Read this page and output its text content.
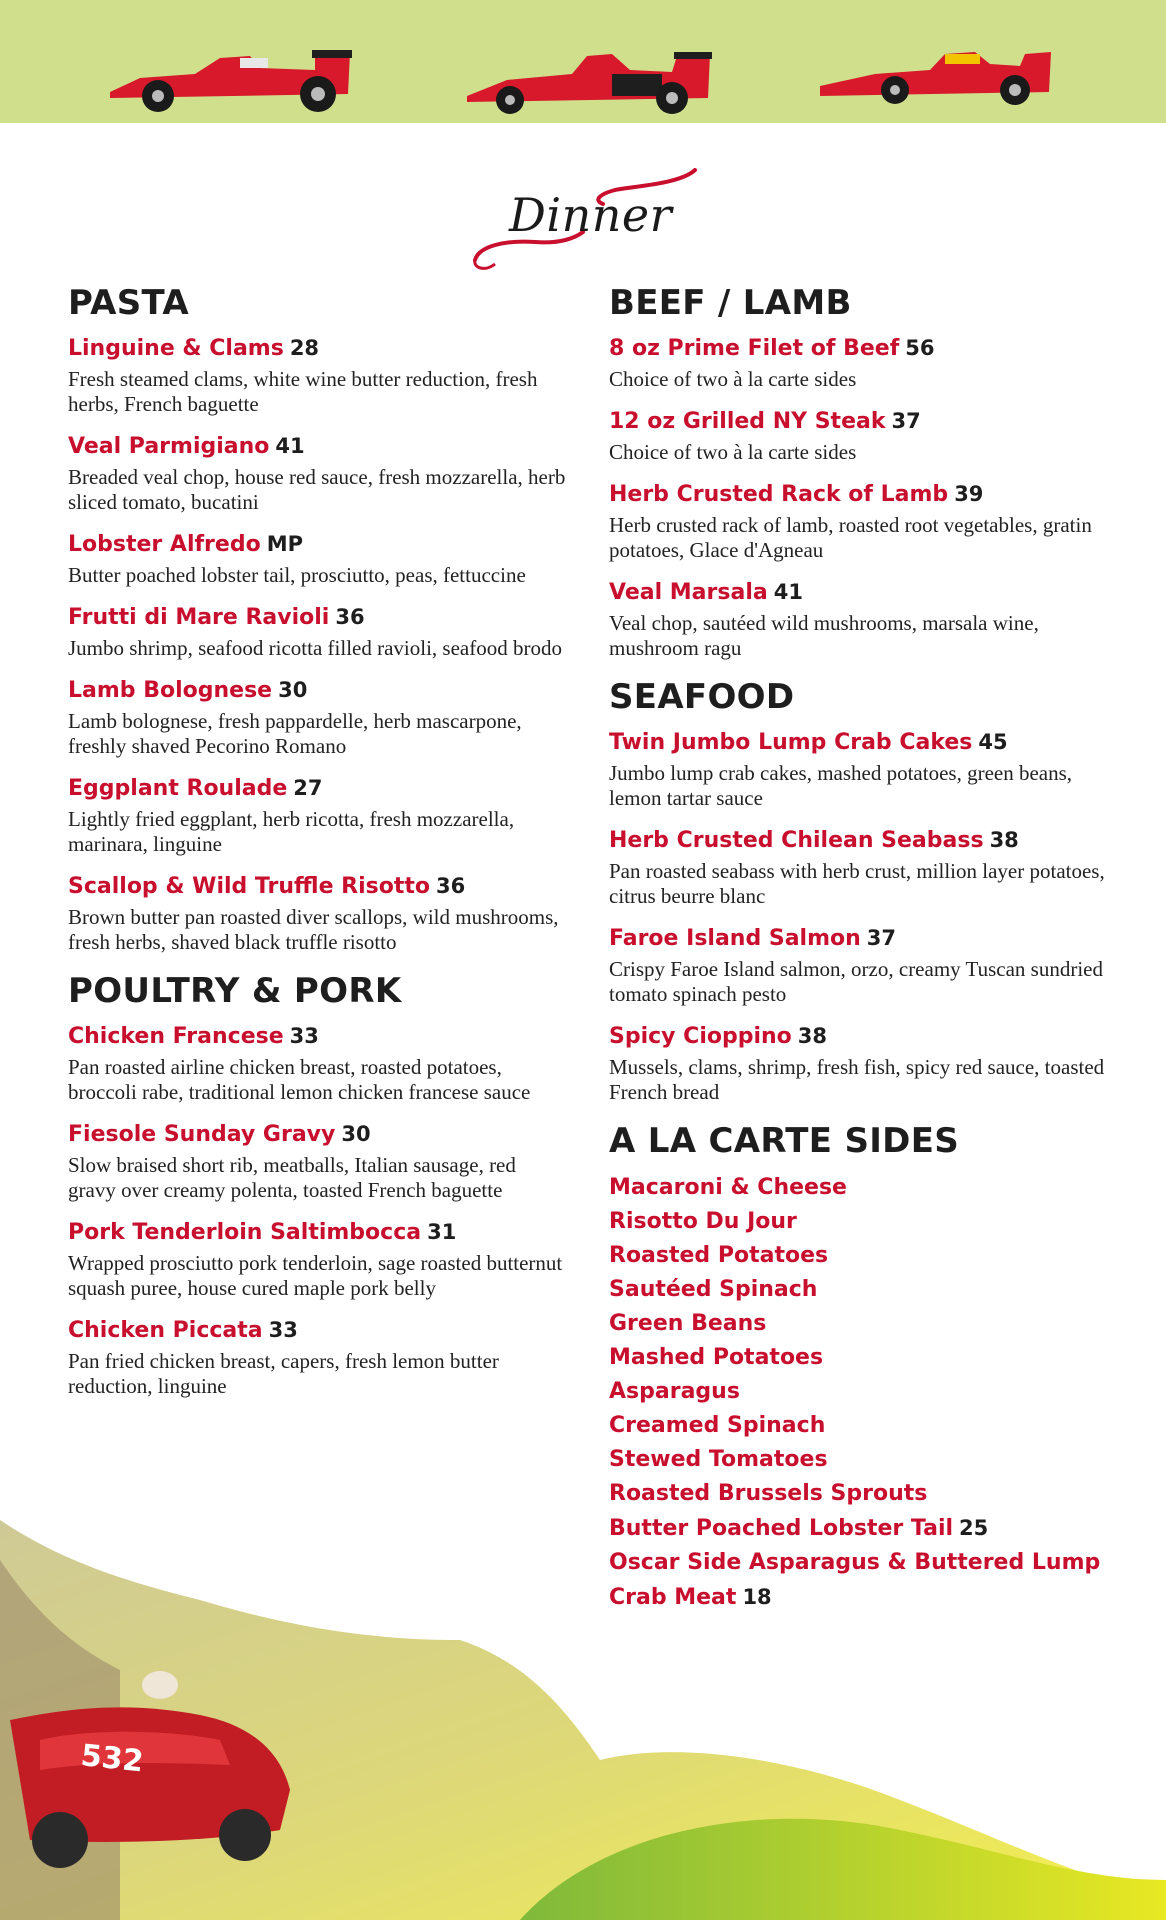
Dinner
PASTA
Linguine & Clams 28
Fresh steamed clams, white wine butter reduction, fresh herbs, French baguette
Veal Parmigiano 41
Breaded veal chop, house red sauce, fresh mozzarella, herb sliced tomato, bucatini
Lobster Alfredo MP
Butter poached lobster tail, prosciutto, peas, fettuccine
Frutti di Mare Ravioli 36
Jumbo shrimp, seafood ricotta filled ravioli, seafood brodo
Lamb Bolognese 30
Lamb bolognese, fresh pappardelle, herb mascarpone, freshly shaved Pecorino Romano
Eggplant Roulade 27
Lightly fried eggplant, herb ricotta, fresh mozzarella, marinara, linguine
Scallop & Wild Truffle Risotto 36
Brown butter pan roasted diver scallops, wild mushrooms, fresh herbs, shaved black truffle risotto
POULTRY & PORK
Chicken Francese 33
Pan roasted airline chicken breast, roasted potatoes, broccoli rabe, traditional lemon chicken francese sauce
Fiesole Sunday Gravy 30
Slow braised short rib, meatballs, Italian sausage, red gravy over creamy polenta, toasted French baguette
Pork Tenderloin Saltimbocca 31
Wrapped prosciutto pork tenderloin, sage roasted butternut squash puree, house cured maple pork belly
Chicken Piccata 33
Pan fried chicken breast, capers, fresh lemon butter reduction, linguine
BEEF / LAMB
8 oz Prime Filet of Beef 56
Choice of two à la carte sides
12 oz Grilled NY Steak 37
Choice of two à la carte sides
Herb Crusted Rack of Lamb 39
Herb crusted rack of lamb, roasted root vegetables, gratin potatoes, Glace d'Agneau
Veal Marsala 41
Veal chop, sautéed wild mushrooms, marsala wine, mushroom ragu
SEAFOOD
Twin Jumbo Lump Crab Cakes 45
Jumbo lump crab cakes, mashed potatoes, green beans, lemon tartar sauce
Herb Crusted Chilean Seabass 38
Pan roasted seabass with herb crust, million layer potatoes, citrus beurre blanc
Faroe Island Salmon 37
Crispy Faroe Island salmon, orzo, creamy Tuscan sundried tomato spinach pesto
Spicy Cioppino 38
Mussels, clams, shrimp, fresh fish, spicy red sauce, toasted French bread
A LA CARTE SIDES
Macaroni & Cheese
Risotto Du Jour
Roasted Potatoes
Sautéed Spinach
Green Beans
Mashed Potatoes
Asparagus
Creamed Spinach
Stewed Tomatoes
Roasted Brussels Sprouts
Butter Poached Lobster Tail 25
Oscar Side Asparagus & Buttered Lump Crab Meat 18
532
